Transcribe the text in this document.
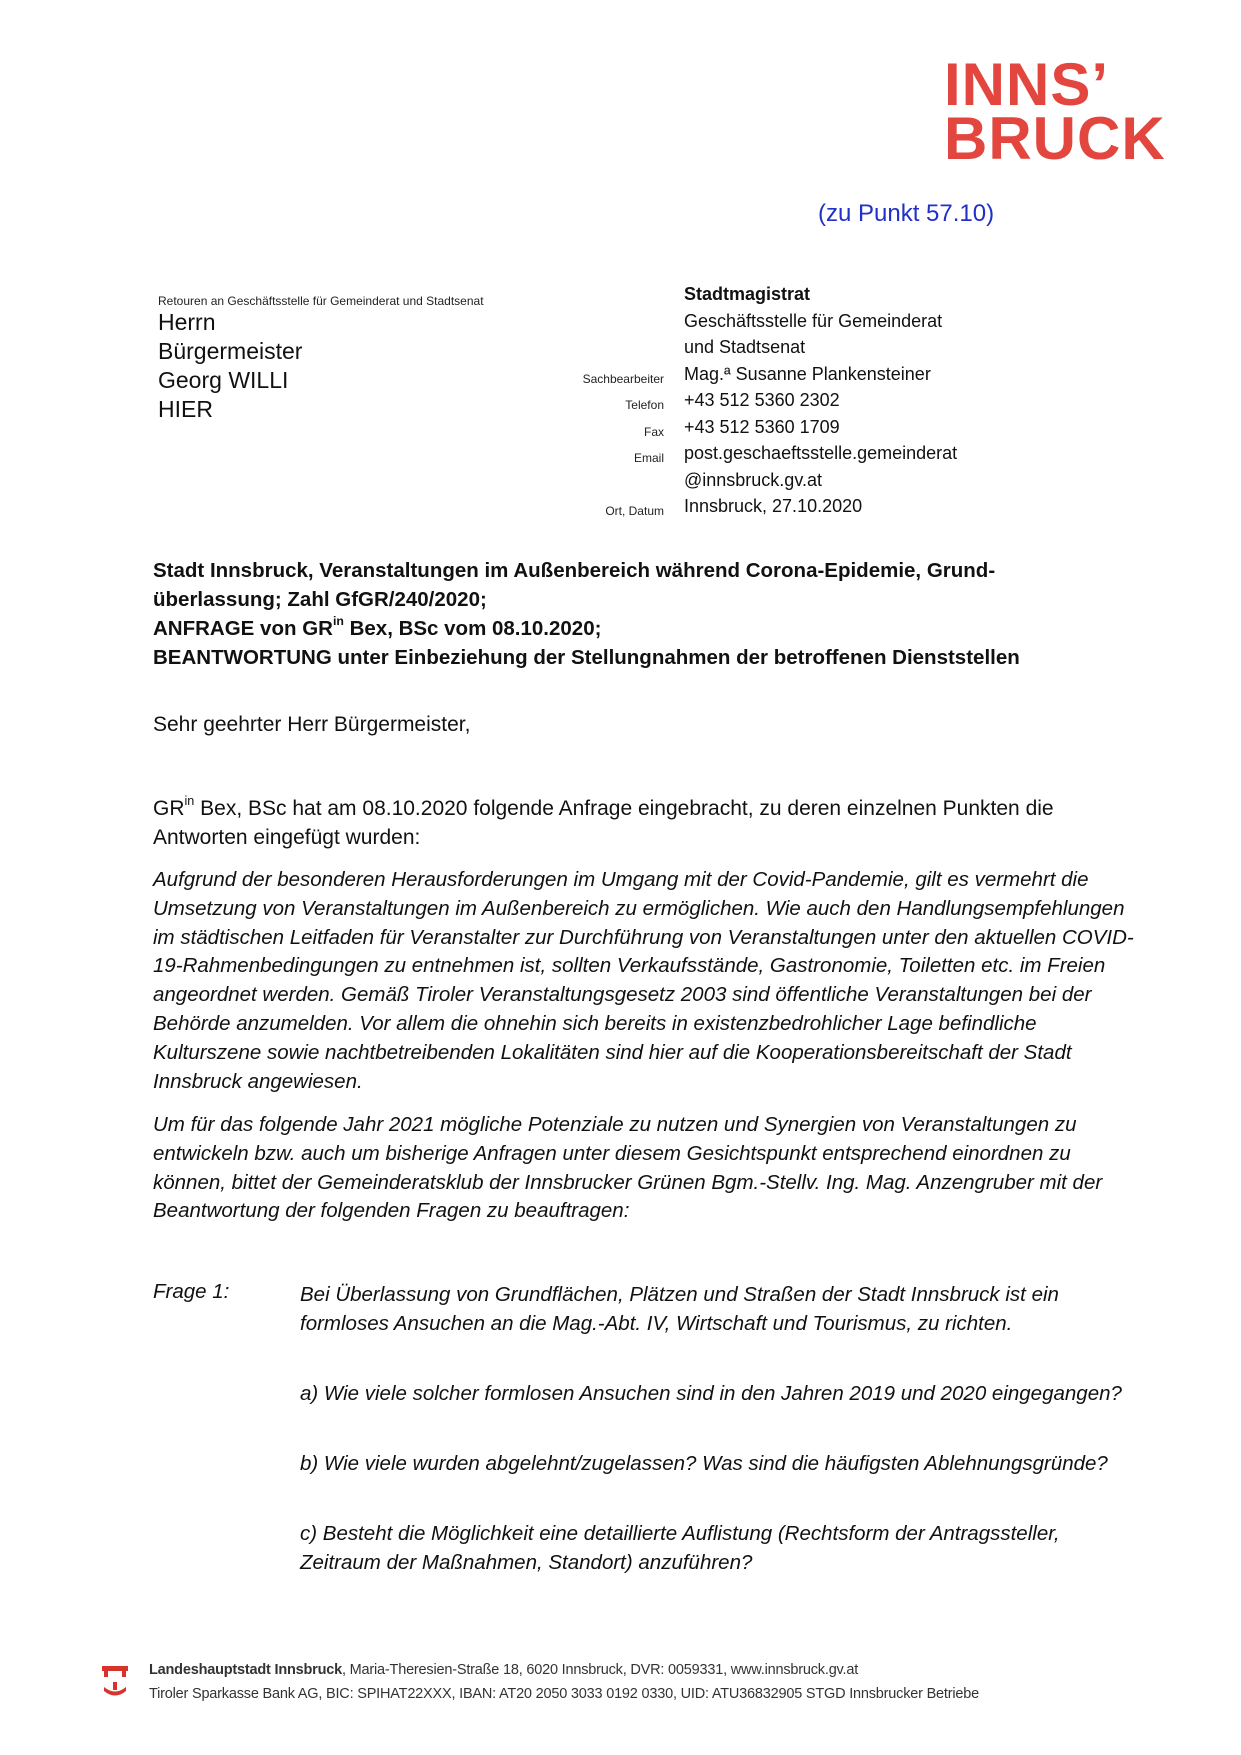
INNS’
BRUCK
(zu Punkt 57.10)
Retouren an Geschäftsstelle für Gemeinderat und Stadtsenat
Herrn
Bürgermeister
Georg WILLI
HIER
Stadtmagistrat
Geschäftsstelle für Gemeinderat
und Stadtsenat
Sachbearbeiter Mag.ª Susanne Plankensteiner
Telefon +43 512 5360 2302
Fax +43 512 5360 1709
Email post.geschaeftsstelle.gemeinderat
@innsbruck.gv.at
Ort, Datum Innsbruck, 27.10.2020
Stadt Innsbruck, Veranstaltungen im Außenbereich während Corona-Epidemie, Grund-
überlassung; Zahl GfGR/240/2020;
ANFRAGE von $GR^{in}$ Bex, BSc vom 08.10.2020;
BEANTWORTUNG unter Einbeziehung der Stellungnahmen der betroffenen Dienststellen
Sehr geehrter Herr Bürgermeister,
$GR^{in}$ Bex, BSc hat am 08.10.2020 folgende Anfrage eingebracht, zu deren einzelnen Punkten die Antworten eingefügt wurden:
Aufgrund der besonderen Herausforderungen im Umgang mit der Covid-Pandemie, gilt es vermehrt die Umsetzung von Veranstaltungen im Außenbereich zu ermöglichen. Wie auch den Handlungsempfehlungen im städtischen Leitfaden für Veranstalter zur Durchführung von Veranstaltungen unter den aktuellen COVID-19-Rahmenbedingungen zu entnehmen ist, sollten Verkaufsstände, Gastronomie, Toiletten etc. im Freien angeordnet werden. Gemäß Tiroler Veranstaltungsgesetz 2003 sind öffentliche Veranstaltungen bei der Behörde anzumelden. Vor allem die ohnehin sich bereits in existenzbedrohlicher Lage befindliche Kulturszene sowie nachtbetreibenden Lokalitäten sind hier auf die Kooperationsbereitschaft der Stadt Innsbruck angewiesen.
Um für das folgende Jahr 2021 mögliche Potenziale zu nutzen und Synergien von Veranstaltungen zu entwickeln bzw. auch um bisherige Anfragen unter diesem Gesichtspunkt entsprechend einordnen zu können, bittet der Gemeinderatsklub der Innsbrucker Grünen Bgm.-Stellv. Ing. Mag. Anzengruber mit der Beantwortung der folgenden Fragen zu beauftragen:
Frage 1:	Bei Überlassung von Grundflächen, Plätzen und Straßen der Stadt Innsbruck ist ein formloses Ansuchen an die Mag.-Abt. IV, Wirtschaft und Tourismus, zu richten.
a) Wie viele solcher formlosen Ansuchen sind in den Jahren 2019 und 2020 eingegangen?
b) Wie viele wurden abgelehnt/zugelassen? Was sind die häufigsten Ablehnungsgründe?
c) Besteht die Möglichkeit eine detaillierte Auflistung (Rechtsform der Antragssteller, Zeitraum der Maßnahmen, Standort) anzuführen?
Landeshauptstadt Innsbruck, Maria-Theresien-Straße 18, 6020 Innsbruck, DVR: 0059331, www.innsbruck.gv.at
Tiroler Sparkasse Bank AG, BIC: SPIHAT22XXX, IBAN: AT20 2050 3033 0192 0330, UID: ATU36832905 STGD Innsbrucker Betriebe
